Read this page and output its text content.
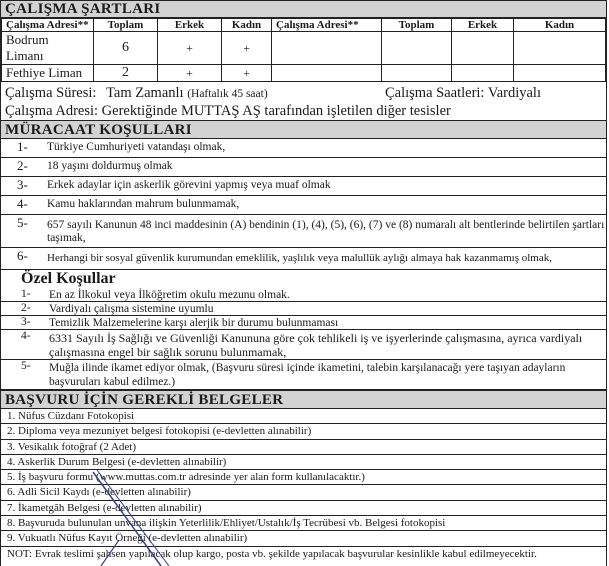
ÇALIŞMA ŞARTLARI
Çalışma Adresi**	Toplam	Erkek	Kadın	Çalışma Adresi**	Toplam	Erkek	Kadın
Bodrum Limanı	6	+	+				
Fethiye Liman	2	+	+				
Çalışma Süresi: Tam Zamanlı (Haftalık 45 saat)	Çalışma Saatleri: Vardiyalı
Çalışma Adresi: Gerektiğinde MUTTAŞ AŞ tarafından işletilen diğer tesisler
MÜRACAAT KOŞULLARI
1-	Türkiye Cumhuriyeti vatandaşı olmak,
2-	18 yaşını doldurmuş olmak
3-	Erkek adaylar için askerlik görevini yapmış veya muaf olmak
4-	Kamu haklarından mahrum bulunmamak,
5-	657 sayılı Kanunun 48 inci maddesinin (A) bendinin (1), (4), (5), (6), (7) ve (8) numaralı alt bentlerinde belirtilen şartları taşımak,
6-	Herhangi bir sosyal güvenlik kurumundan emeklilik, yaşlılık veya malullük aylığı almaya hak kazanmamış olmak,
Özel Koşullar
1-	En az İlkokul veya İlköğretim okulu mezunu olmak.
2-	Vardiyalı çalışma sistemine uyumlu
3-	Temizlik Malzemelerine karşı alerjik bir durumu bulunmaması
4-	6331 Sayılı İş Sağlığı ve Güvenliği Kanununa göre çok tehlikeli iş ve işyerlerinde çalışmasına, ayrıca vardiyalı çalışmasına engel bir sağlık sorunu bulunmamak,
5-	Muğla ilinde ikamet ediyor olmak, (Başvuru süresi içinde ikametini, talebin karşılanacağı yere taşıyan adayların başvuruları kabul edilmez.)
BAŞVURU İÇİN GEREKLİ BELGELER
1. Nüfus Cüzdanı Fotokopisi
2. Diploma veya mezuniyet belgesi fotokopisi (e-devletten alınabilir)
3. Vesikalık fotoğraf (2 Adet)
4. Askerlik Durum Belgesi (e-devletten alınabilir)
5. İş başvuru formu (www.muttas.com.tr adresinde yer alan form kullanılacaktır.)
6. Adli Sicil Kaydı (e-devletten alınabilir)
7. İkametgâh Belgesi (e-devletten alınabilir)
8. Başvuruda bulunulan unvana ilişkin Yeterlilik/Ehliyet/Ustalık/İş Tecrübesi vb. Belgesi fotokopisi
9. Vukuatlı Nüfus Kayıt Örneği (e-devletten alınabilir)
NOT: Evrak teslimi şahsen yapılacak olup kargo, posta vb. şekilde yapılacak başvurular kesinlikle kabul edilmeyecektir.
